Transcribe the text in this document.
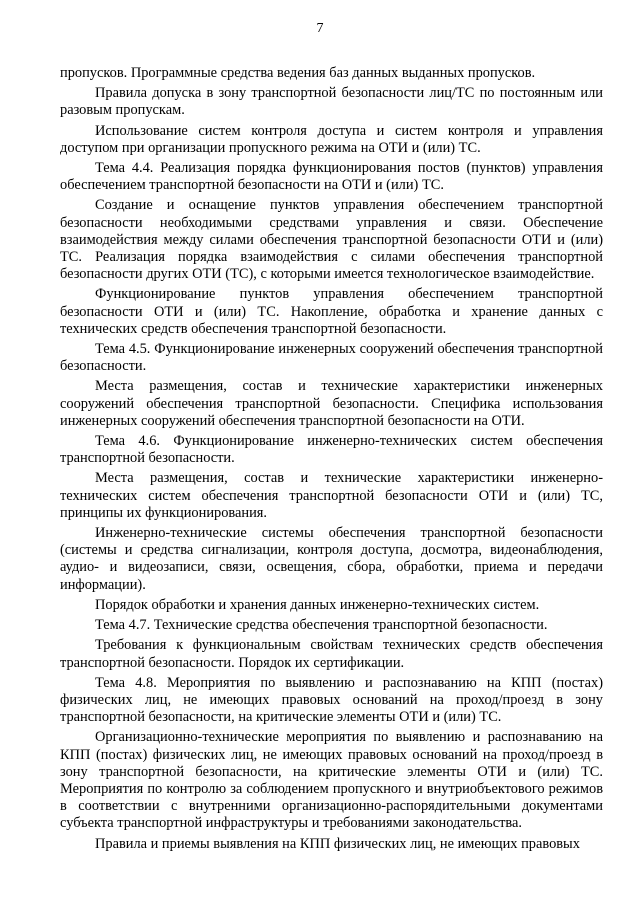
7

пропусков. Программные средства ведения баз данных выданных пропусков.

Правила допуска в зону транспортной безопасности лиц/ТС по постоянным или разовым пропускам.

Использование систем контроля доступа и систем контроля и управления доступом при организации пропускного режима на ОТИ и (или) ТС.

Тема 4.4. Реализация порядка функционирования постов (пунктов) управления обеспечением транспортной безопасности на ОТИ и (или) ТС.

Создание и оснащение пунктов управления обеспечением транспортной безопасности необходимыми средствами управления и связи. Обеспечение взаимодействия между силами обеспечения транспортной безопасности ОТИ и (или) ТС. Реализация порядка взаимодействия с силами обеспечения транспортной безопасности других ОТИ (ТС), с которыми имеется технологическое взаимодействие.

Функционирование пунктов управления обеспечением транспортной безопасности ОТИ и (или) ТС. Накопление, обработка и хранение данных с технических средств обеспечения транспортной безопасности.

Тема 4.5. Функционирование инженерных сооружений обеспечения транспортной безопасности.

Места размещения, состав и технические характеристики инженерных сооружений обеспечения транспортной безопасности. Специфика использования инженерных сооружений обеспечения транспортной безопасности на ОТИ.

Тема 4.6. Функционирование инженерно-технических систем обеспечения транспортной безопасности.

Места размещения, состав и технические характеристики инженерно-технических систем обеспечения транспортной безопасности ОТИ и (или) ТС, принципы их функционирования.

Инженерно-технические системы обеспечения транспортной безопасности (системы и средства сигнализации, контроля доступа, досмотра, видеонаблюдения, аудио- и видеозаписи, связи, освещения, сбора, обработки, приема и передачи информации).

Порядок обработки и хранения данных инженерно-технических систем.

Тема 4.7. Технические средства обеспечения транспортной безопасности.

Требования к функциональным свойствам технических средств обеспечения транспортной безопасности. Порядок их сертификации.

Тема 4.8. Мероприятия по выявлению и распознаванию на КПП (постах) физических лиц, не имеющих правовых оснований на проход/проезд в зону транспортной безопасности, на критические элементы ОТИ и (или) ТС.

Организационно-технические мероприятия по выявлению и распознаванию на КПП (постах) физических лиц, не имеющих правовых оснований на проход/проезд в зону транспортной безопасности, на критические элементы ОТИ и (или) ТС. Мероприятия по контролю за соблюдением пропускного и внутриобъектового режимов в соответствии с внутренними организационно-распорядительными документами субъекта транспортной инфраструктуры и требованиями законодательства.

Правила и приемы выявления на КПП физических лиц, не имеющих правовых
